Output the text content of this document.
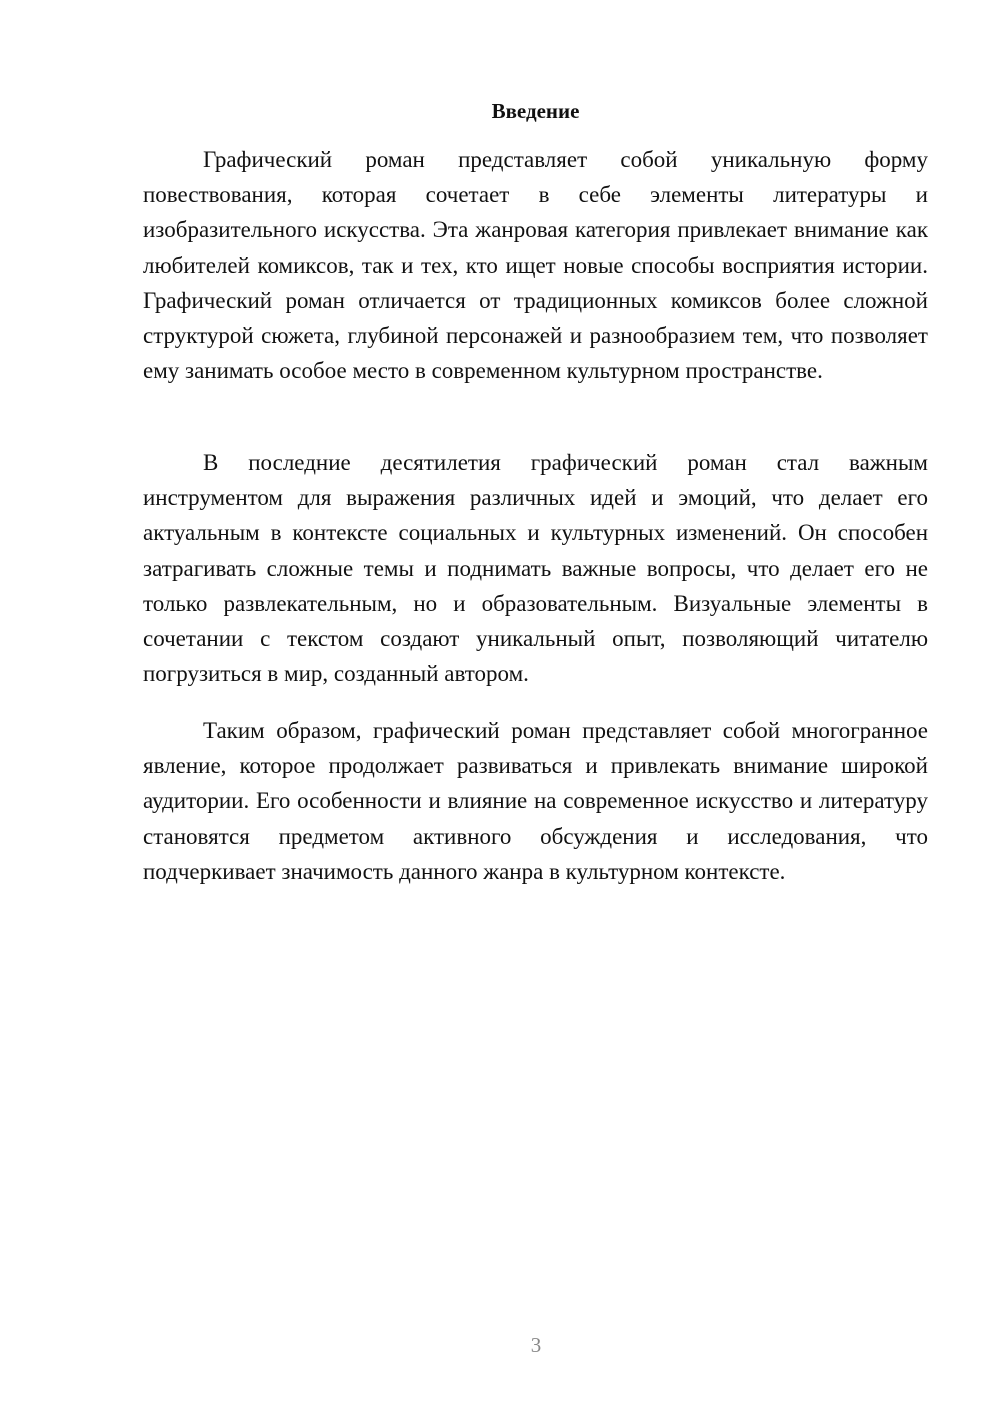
Введение

Графический роман представляет собой уникальную форму повествования, которая сочетает в себе элементы литературы и изобразительного искусства. Эта жанровая категория привлекает внимание как любителей комиксов, так и тех, кто ищет новые способы восприятия истории. Графический роман отличается от традиционных комиксов более сложной структурой сюжета, глубиной персонажей и разнообразием тем, что позволяет ему занимать особое место в современном культурном пространстве.

В последние десятилетия графический роман стал важным инструментом для выражения различных идей и эмоций, что делает его актуальным в контексте социальных и культурных изменений. Он способен затрагивать сложные темы и поднимать важные вопросы, что делает его не только развлекательным, но и образовательным. Визуальные элементы в сочетании с текстом создают уникальный опыт, позволяющий читателю погрузиться в мир, созданный автором.

Таким образом, графический роман представляет собой многогранное явление, которое продолжает развиваться и привлекать внимание широкой аудитории. Его особенности и влияние на современное искусство и литературу становятся предметом активного обсуждения и исследования, что подчеркивает значимость данного жанра в культурном контексте.

3
